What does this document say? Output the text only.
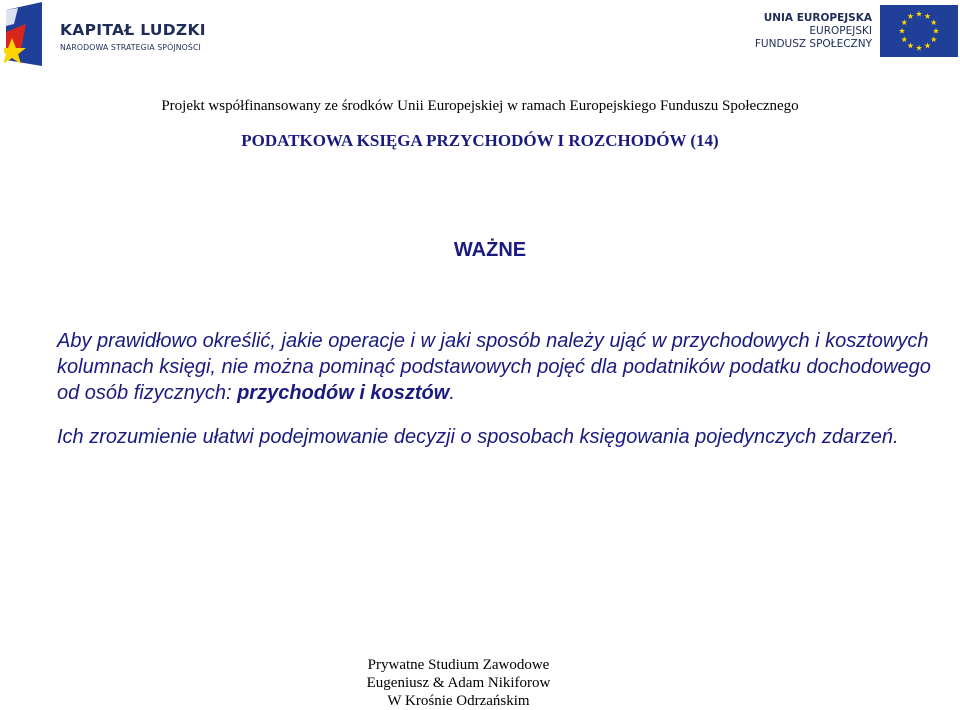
KAPITAŁ LUDZKI
NARODOWA STRATEGIA SPÓJNOŚCI
UNIA EUROPEJSKA
EUROPEJSKI
FUNDUSZ SPOŁECZNY
Projekt współfinansowany ze środków Unii Europejskiej w ramach Europejskiego Funduszu Społecznego
PODATKOWA KSIĘGA PRZYCHODÓW I ROZCHODÓW (14)
WAŻNE
Aby prawidłowo określić, jakie operacje i w jaki sposób należy ująć w przychodowych i kosztowych kolumnach księgi, nie można pominąć podstawowych pojęć dla podatników podatku dochodowego od osób fizycznych: przychodów i kosztów.
Ich zrozumienie ułatwi podejmowanie decyzji o sposobach księgowania pojedynczych zdarzeń.
Prywatne Studium Zawodowe
Eugeniusz & Adam Nikiforow
W Krośnie Odrzańskim
